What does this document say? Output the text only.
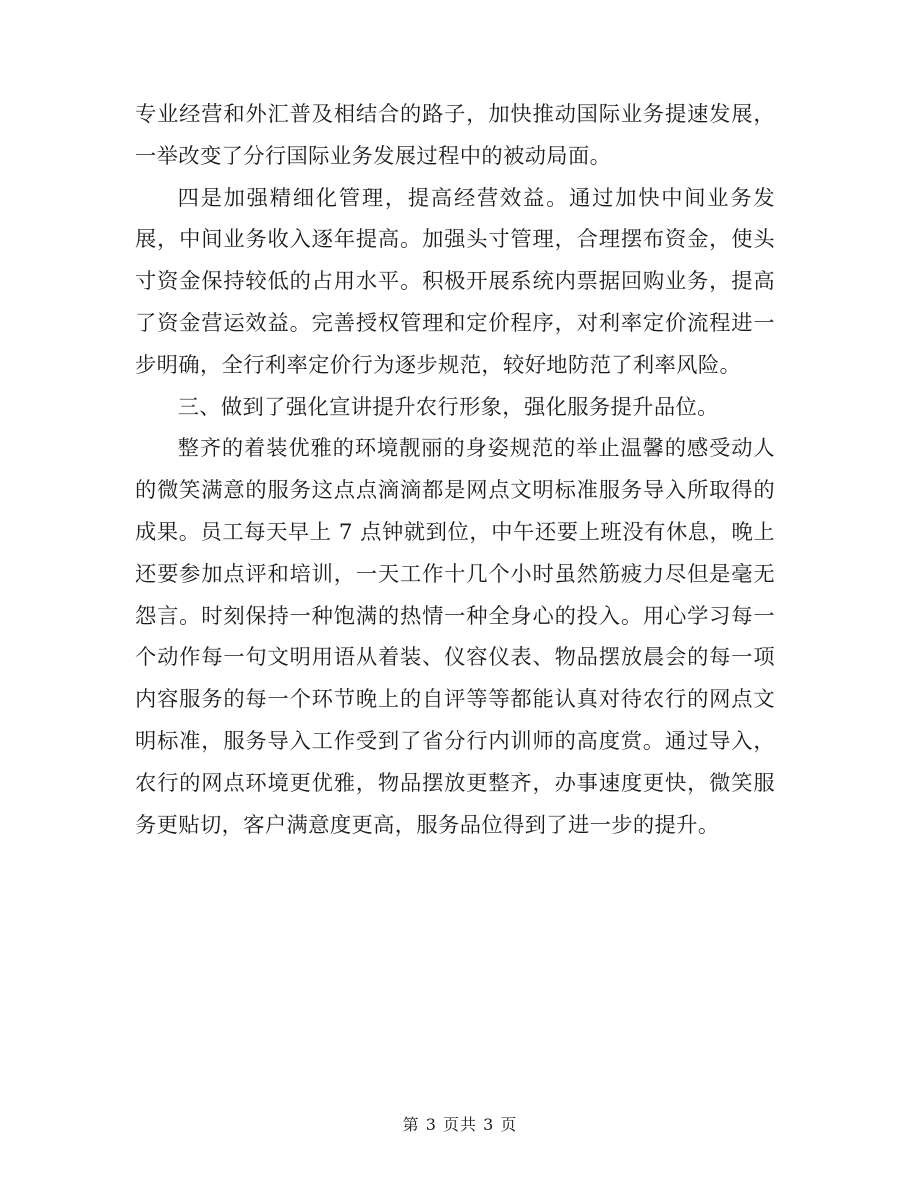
专业经营和外汇普及相结合的路子，加快推动国际业务提速发展，一举改变了分行国际业务发展过程中的被动局面。

四是加强精细化管理，提高经营效益。通过加快中间业务发展，中间业务收入逐年提高。加强头寸管理，合理摆布资金，使头寸资金保持较低的占用水平。积极开展系统内票据回购业务，提高了资金营运效益。完善授权管理和定价程序，对利率定价流程进一步明确，全行利率定价行为逐步规范，较好地防范了利率风险。

三、做到了强化宣讲提升农行形象，强化服务提升品位。

整齐的着装优雅的环境靓丽的身姿规范的举止温馨的感受动人的微笑满意的服务这点点滴滴都是网点文明标准服务导入所取得的成果。员工每天早上 7 点钟就到位，中午还要上班没有休息，晚上还要参加点评和培训，一天工作十几个小时虽然筋疲力尽但是毫无怨言。时刻保持一种饱满的热情一种全身心的投入。用心学习每一个动作每一句文明用语从着装、仪容仪表、物品摆放晨会的每一项内容服务的每一个环节晚上的自评等等都能认真对待农行的网点文明标准，服务导入工作受到了省分行内训师的高度赏。通过导入，农行的网点环境更优雅，物品摆放更整齐，办事速度更快，微笑服务更贴切，客户满意度更高，服务品位得到了进一步的提升。

第 3 页共 3 页
